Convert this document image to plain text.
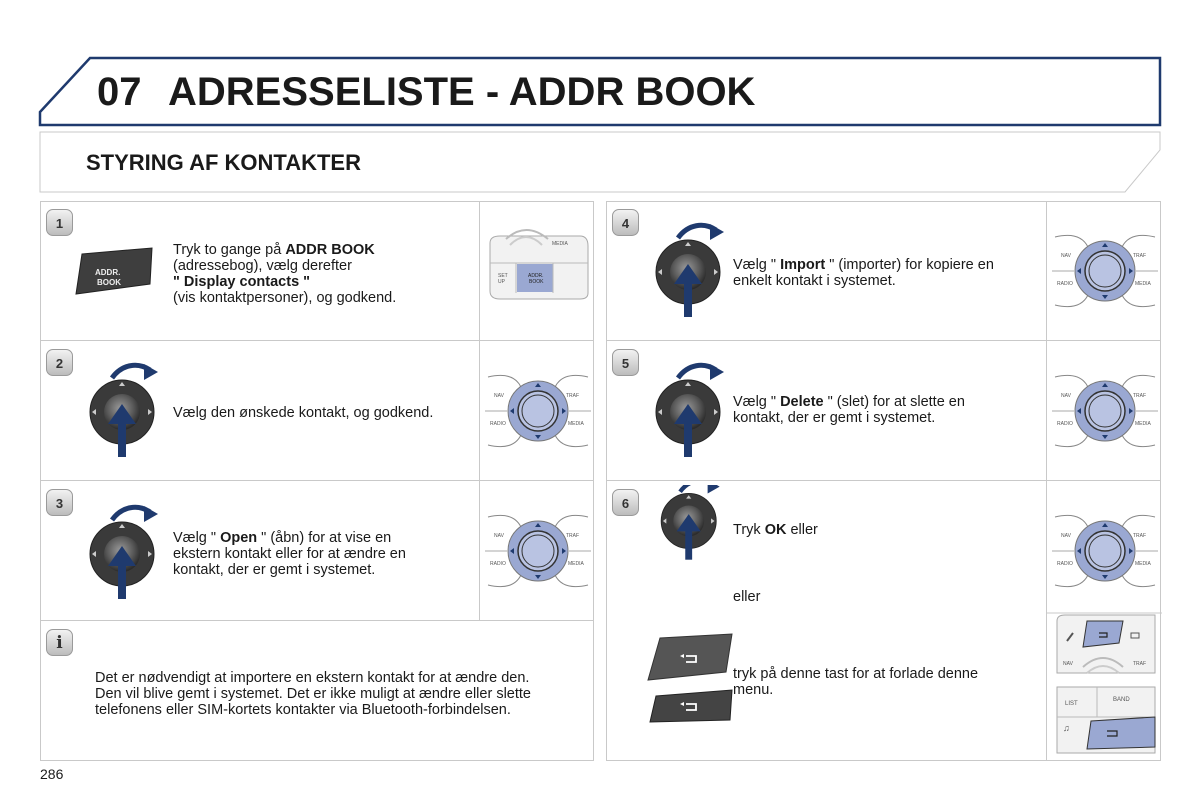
07 ADRESSELISTE - ADDR BOOK
STYRING AF KONTAKTER
1
ADDR.
BOOK
Tryk to gange på ADDR BOOK
(adressebog), vælg derefter
" Display contacts "
(vis kontaktpersoner), og godkend.
SET
UP
ADDR.
BOOK
MEDIA
2
Vælg den ønskede kontakt, og godkend.
NAV	TRAF
RADIO	MEDIA
3
Vælg " Open " (åbn) for at vise en
ekstern kontakt eller for at ændre en
kontakt, der er gemt i systemet.
NAV	TRAF
RADIO	MEDIA
i
Det er nødvendigt at importere en ekstern kontakt for at ændre den.
Den vil blive gemt i systemet. Det er ikke muligt at ændre eller slette
telefonens eller SIM-kortets kontakter via Bluetooth-forbindelsen.
4
Vælg " Import " (importer) for kopiere en
enkelt kontakt i systemet.
NAV	TRAF
RADIO	MEDIA
5
Vælg " Delete " (slet) for at slette en
kontakt, der er gemt i systemet.
NAV	TRAF
RADIO	MEDIA
6
Tryk OK eller
eller
tryk på denne tast for at forlade denne
menu.
NAV	TRAF
RADIO	MEDIA
NAV	TRAF
LIST
BAND
♫
286
